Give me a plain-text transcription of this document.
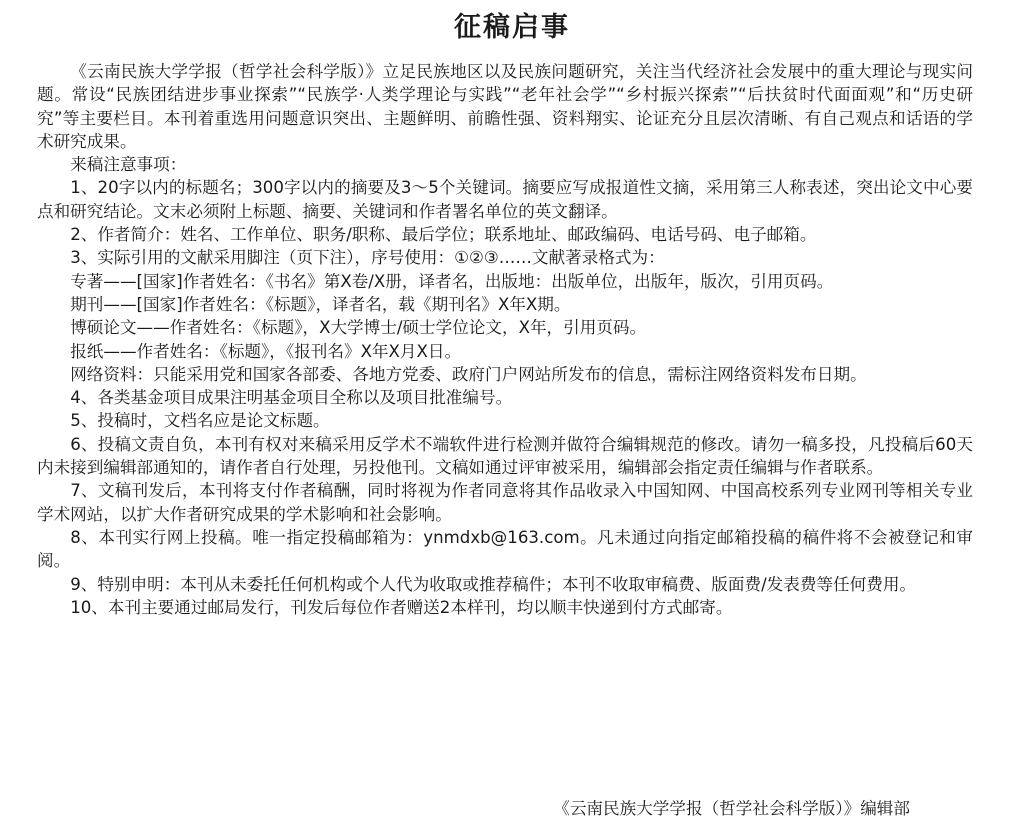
征稿启事

《云南民族大学学报（哲学社会科学版）》立足民族地区以及民族问题研究，关注当代经济社会发展中的重大理论与现实问题。常设“民族团结进步事业探索”“民族学·人类学理论与实践”“老年社会学”“乡村振兴探索”“后扶贫时代面面观”和“历史研究”等主要栏目。本刊着重选用问题意识突出、主题鲜明、前瞻性强、资料翔实、论证充分且层次清晰、有自己观点和话语的学术研究成果。

来稿注意事项：

1、20字以内的标题名；300字以内的摘要及3～5个关键词。摘要应写成报道性文摘，采用第三人称表述，突出论文中心要点和研究结论。文末必须附上标题、摘要、关键词和作者署名单位的英文翻译。

2、作者简介：姓名、工作单位、职务/职称、最后学位；联系地址、邮政编码、电话号码、电子邮箱。

3、实际引用的文献采用脚注（页下注），序号使用：①②③……文献著录格式为：

专著——[国家]作者姓名：《书名》第X卷/X册，译者名，出版地：出版单位，出版年，版次，引用页码。

期刊——[国家]作者姓名：《标题》，译者名，载《期刊名》X年X期。

博硕论文——作者姓名：《标题》，X大学博士/硕士学位论文，X年，引用页码。

报纸——作者姓名：《标题》，《报刊名》X年X月X日。

网络资料：只能采用党和国家各部委、各地方党委、政府门户网站所发布的信息，需标注网络资料发布日期。

4、各类基金项目成果注明基金项目全称以及项目批准编号。

5、投稿时，文档名应是论文标题。

6、投稿文责自负，本刊有权对来稿采用反学术不端软件进行检测并做符合编辑规范的修改。请勿一稿多投，凡投稿后60天内未接到编辑部通知的，请作者自行处理，另投他刊。文稿如通过评审被采用，编辑部会指定责任编辑与作者联系。

7、文稿刊发后，本刊将支付作者稿酬，同时将视为作者同意将其作品收录入中国知网、中国高校系列专业网刊等相关专业学术网站，以扩大作者研究成果的学术影响和社会影响。

8、本刊实行网上投稿。唯一指定投稿邮箱为：ynmdxb@163.com。凡未通过向指定邮箱投稿的稿件将不会被登记和审阅。

9、特别申明：本刊从未委托任何机构或个人代为收取或推荐稿件；本刊不收取审稿费、版面费/发表费等任何费用。

10、本刊主要通过邮局发行，刊发后每位作者赠送2本样刊，均以顺丰快递到付方式邮寄。

《云南民族大学学报（哲学社会科学版）》编辑部
